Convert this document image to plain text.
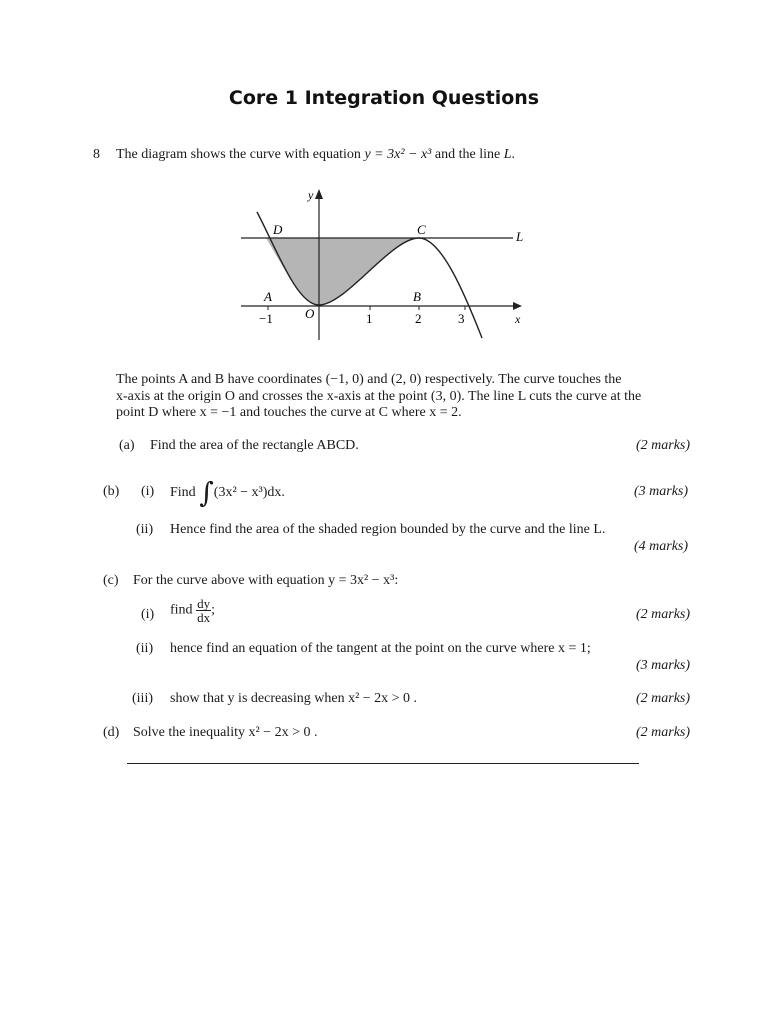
Core 1 Integration Questions
8 The diagram shows the curve with equation y = 3x² − x³ and the line L.
y
x
L
D	C
A	B
O
−1	1	2	3
The points A and B have coordinates (−1, 0) and (2, 0) respectively. The curve touches the
x-axis at the origin O and crosses the x-axis at the point (3, 0). The line L cuts the curve at the
point D where x = −1 and touches the curve at C where x = 2.
(a) Find the area of the rectangle ABCD.	(2 marks)
(b) (i) Find ∫(3x² − x³)dx.	(3 marks)
(ii) Hence find the area of the shaded region bounded by the curve and the line L.
(4 marks)
(c) For the curve above with equation y = 3x² − x³:
(i) find $\frac{dy}{dx}$ ;	(2 marks)
(ii) hence find an equation of the tangent at the point on the curve where x = 1;
(3 marks)
(iii) show that y is decreasing when x² − 2x > 0 .	(2 marks)
(d) Solve the inequality x² − 2x > 0 .	(2 marks)
